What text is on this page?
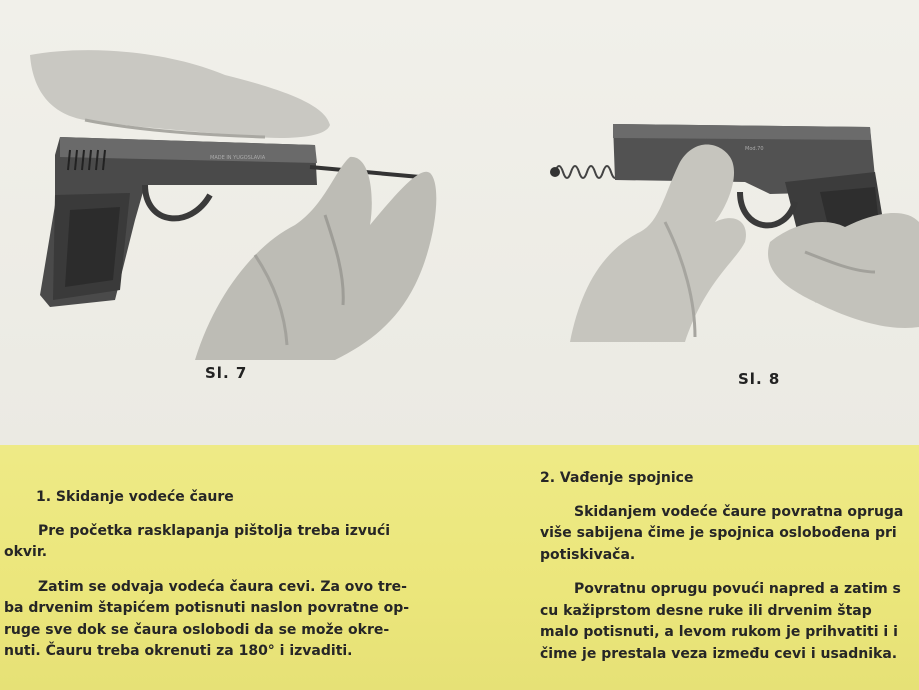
MADE IN YUGOSLAVIA
Sl. 7
Mod.70
Sl. 8
1. Skidanje vodeće čaure
Pre početka rasklapanja pištolja treba izvući
okvir.
Zatim se odvaja vodeća čaura cevi. Za ovo tre-
ba drvenim štapićem potisnuti naslon povratne op-
ruge sve dok se čaura oslobodi da se može okre-
nuti. Čauru treba okrenuti za 180° i izvaditi.
2. Vađenje spojnice
Skidanjem vodeće čaure povratna opruga
više sabijena čime je spojnica oslobođena pri
potiskivača.
Povratnu oprugu povući napred a zatim s
cu kažiprstom desne ruke ili drvenim štap
malo potisnuti, a levom rukom je prihvatiti i i
čime je prestala veza između cevi i usadnika.
